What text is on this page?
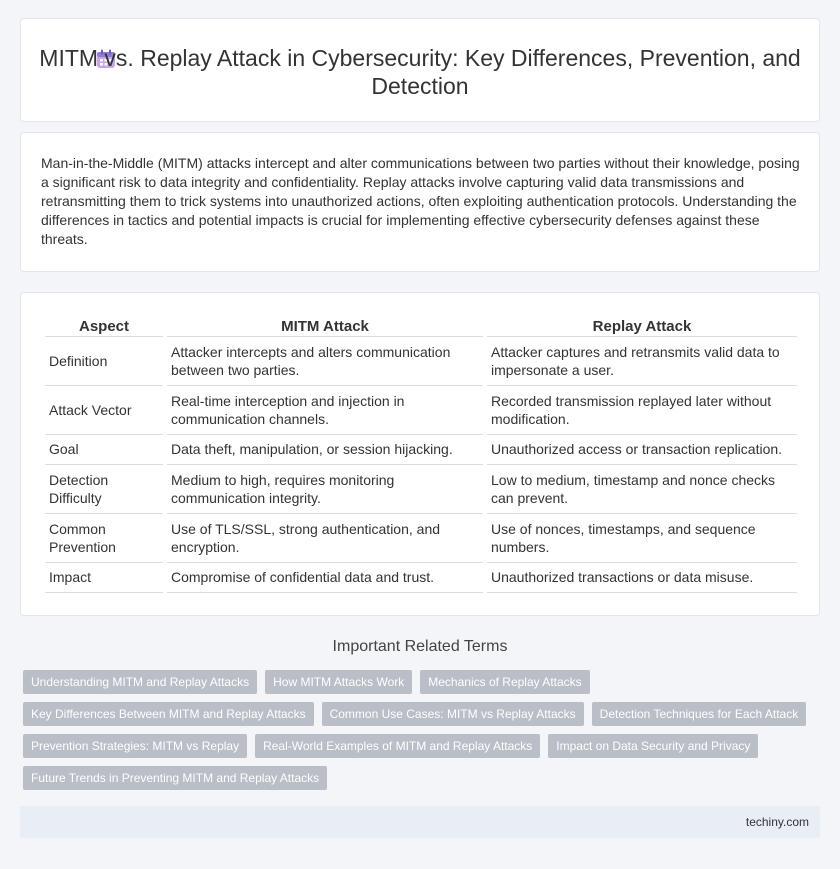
MITM vs. Replay Attack in Cybersecurity: Key Differences, Prevention, and Detection

Man-in-the-Middle (MITM) attacks intercept and alter communications between two parties without their knowledge, posing a significant risk to data integrity and confidentiality. Replay attacks involve capturing valid data transmissions and retransmitting them to trick systems into unauthorized actions, often exploiting authentication protocols. Understanding the differences in tactics and potential impacts is crucial for implementing effective cybersecurity defenses against these threats.

Aspect	MITM Attack	Replay Attack
Definition	Attacker intercepts and alters communication between two parties.	Attacker captures and retransmits valid data to impersonate a user.
Attack Vector	Real-time interception and injection in communication channels.	Recorded transmission replayed later without modification.
Goal	Data theft, manipulation, or session hijacking.	Unauthorized access or transaction replication.
Detection Difficulty	Medium to high, requires monitoring communication integrity.	Low to medium, timestamp and nonce checks can prevent.
Common Prevention	Use of TLS/SSL, strong authentication, and encryption.	Use of nonces, timestamps, and sequence numbers.
Impact	Compromise of confidential data and trust.	Unauthorized transactions or data misuse.
Important Related Terms
Understanding MITM and Replay Attacks	How MITM Attacks Work	Mechanics of Replay Attacks
Key Differences Between MITM and Replay Attacks	Common Use Cases: MITM vs Replay Attacks	Detection Techniques for Each Attack
Prevention Strategies: MITM vs Replay	Real-World Examples of MITM and Replay Attacks	Impact on Data Security and Privacy
Future Trends in Preventing MITM and Replay Attacks
techiny.com
